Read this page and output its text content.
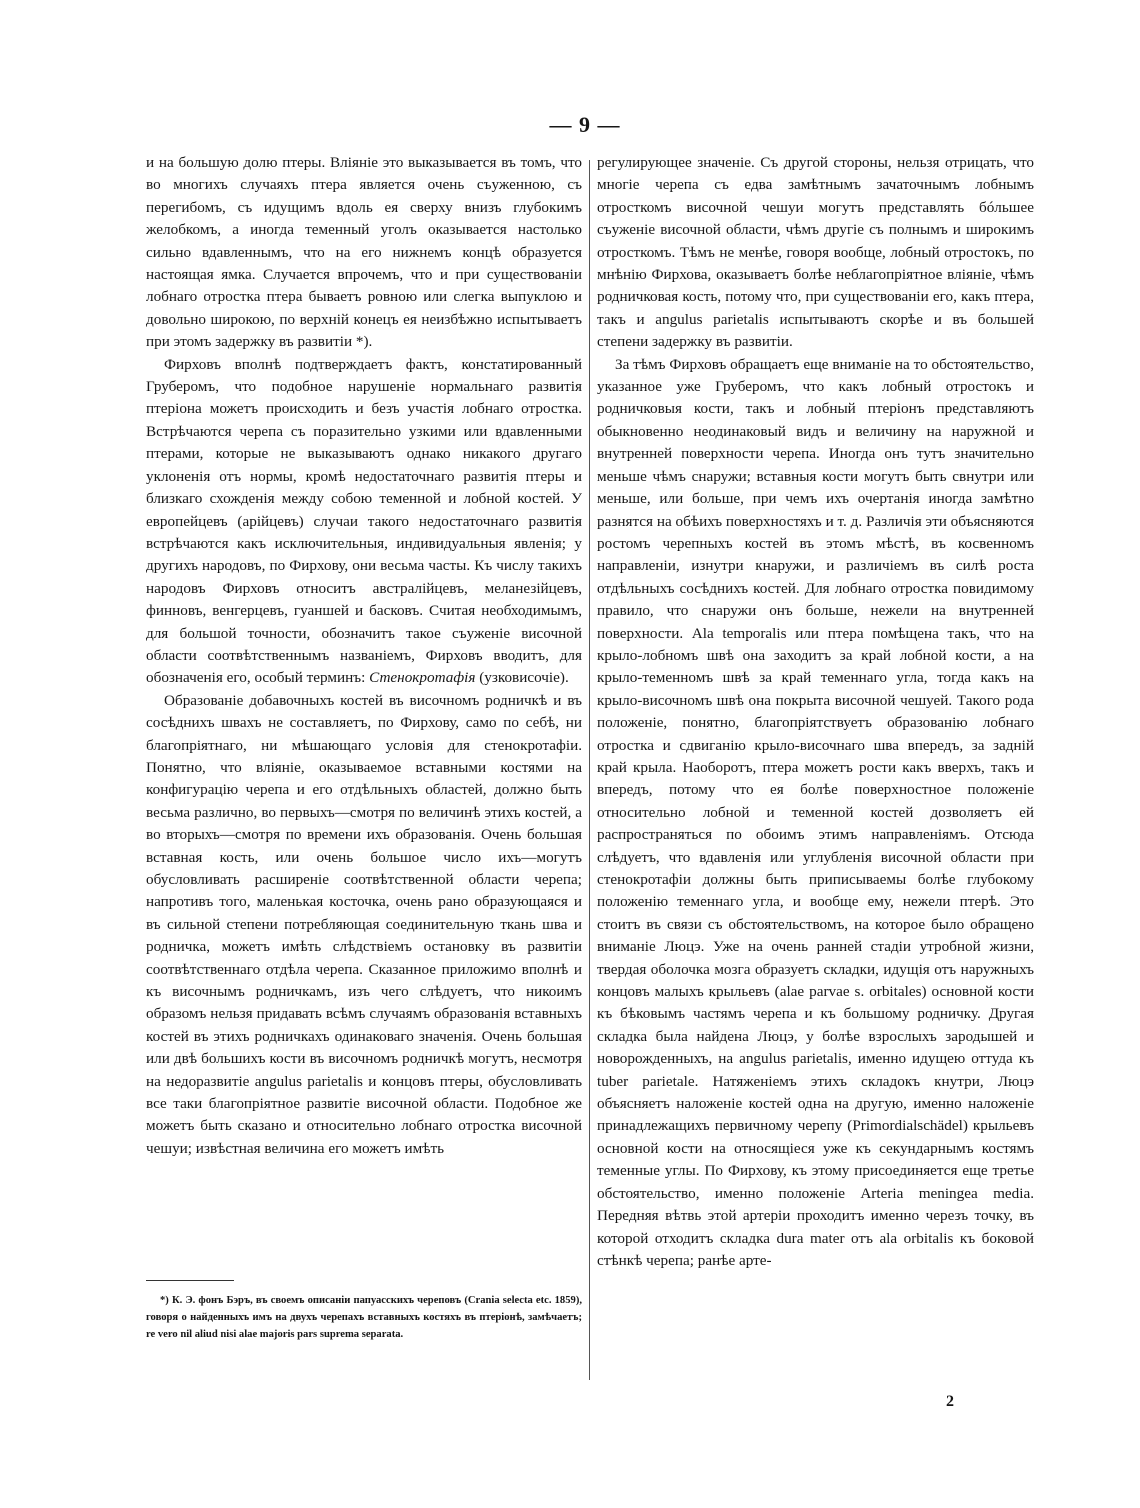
— 9 —

и на большую долю птеры. Влiянiе это выказывается въ томъ, что во многихъ случаяхъ птера является очень съуженною, съ перегибомъ, съ идущимъ вдоль ея сверху внизъ глубокимъ желобкомъ, а иногда теменный уголъ оказывается настолько сильно вдавленнымъ, что на его нижнемъ концѣ образуется настоящая ямка. Случается впрочемъ, что и при существованiи лобнаго отростка птера бываетъ ровною или слегка выпуклою и довольно широкою, по верхнiй конецъ ея неизбѣжно испытываетъ при этомъ задержку въ развитiи *).

Фирховъ вполнѣ подтверждаетъ фактъ, констатированный Груберомъ, что подобное нарушенiе нормальнаго развитiя птерiона можетъ происходить и безъ участiя лобнаго отростка. Встрѣчаются черепа съ поразительно узкими или вдавленными птерами, которые не выказываютъ однако никакого другаго уклоненiя отъ нормы, кромѣ недостаточнаго развитiя птеры и близкаго схожденiя между собою теменной и лобной костей. У европейцевъ (арiйцевъ) случаи такого недостаточнаго развитiя встрѣчаются какъ исключительныя, индивидуальныя явленiя; у другихъ народовъ, по Фирхову, они весьма часты. Къ числу такихъ народовъ Фирховъ относитъ австралiйцевъ, меланезiйцевъ, финновъ, венгерцевъ, гуаншей и басковъ. Считая необходимымъ, для большой точности, обозначитъ такое съуженiе височной области соотвѣтственнымъ названiемъ, Фирховъ вводитъ, для обозначенiя его, особый терминъ: Стенокротафiя (узковисочiе).

Образованiе добавочныхъ костей въ височномъ родничкѣ и въ сосѣднихъ швахъ не составляетъ, по Фирхову, само по себѣ, ни благопрiятнаго, ни мѣшающаго условiя для стенокротафiи. Понятно, что влiянiе, оказываемое вставными костями на конфигурацiю черепа и его отдѣльныхъ областей, должно быть весьма различно, во первыхъ—смотря по величинѣ этихъ костей, а во вторыхъ—смотря по времени ихъ образованiя. Очень большая вставная кость, или очень большое число ихъ—могутъ обусловливать расширенiе соотвѣтственной области черепа; напротивъ того, маленькая косточка, очень рано образующаяся и въ сильной степени потребляющая соединительную ткань шва и родничка, можетъ имѣть слѣдствiемъ остановку въ развитiи соотвѣтственнаго отдѣла черепа. Сказанное приложимо вполнѣ и къ височнымъ родничкамъ, изъ чего слѣдуетъ, что никоимъ образомъ нельзя придавать всѣмъ случаямъ образованiя вставныхъ костей въ этихъ родничкахъ одинаковаго значенiя. Очень большая или двѣ большихъ кости въ височномъ родничкѣ могутъ, несмотря на недоразвитiе angulus parietalis и концовъ птеры, обусловливать все таки благопрiятное развитiе височной области. Подобное же можетъ быть сказано и относительно лобнаго отростка височной чешуи; извѣстная величина его можетъ имѣть

регулирующее значенiе. Съ другой стороны, нельзя отрицать, что многiе черепа съ едва замѣтнымъ зачаточнымъ лобнымъ отросткомъ височной чешуи могутъ представлять бóльшее съуженiе височной области, чѣмъ другiе съ полнымъ и широкимъ отросткомъ. Тѣмъ не менѣе, говоря вообще, лобный отростокъ, по мнѣнiю Фирхова, оказываетъ болѣе неблагопрiятное влiянiе, чѣмъ родничковая кость, потому что, при существованiи его, какъ птера, такъ и angulus parietalis испытываютъ скорѣе и въ большей степени задержку въ развитiи.

За тѣмъ Фирховъ обращаетъ еще вниманiе на то обстоятельство, указанное уже Груберомъ, что какъ лобный отростокъ и родничковыя кости, такъ и лобный птерiонъ представляютъ обыкновенно неодинаковый видъ и величину на наружной и внутренней поверхности черепа. Иногда онъ тутъ значительно меньше чѣмъ снаружи; вставныя кости могутъ быть свнутри или меньше, или больше, при чемъ ихъ очертанiя иногда замѣтно разнятся на обѣихъ поверхностяхъ и т. д. Различiя эти объясняются ростомъ черепныхъ костей въ этомъ мѣстѣ, въ косвенномъ направленiи, изнутри кнаружи, и различiемъ въ силѣ роста отдѣльныхъ сосѣднихъ костей. Для лобнаго отростка повидимому правило, что снаружи онъ больше, нежели на внутренней поверхности. Ala temporalis или птера помѣщена такъ, что на крыло-лобномъ швѣ она заходитъ за край лобной кости, а на крыло-теменномъ швѣ за край теменнаго угла, тогда какъ на крыло-височномъ швѣ она покрыта височной чешуей. Такого рода положенiе, понятно, благопрiятствуетъ образованiю лобнаго отростка и сдвиганiю крыло-височнаго шва впередъ, за заднiй край крыла. Наоборотъ, птера можетъ рости какъ вверхъ, такъ и впередъ, потому что ея болѣе поверхностное положенiе относительно лобной и теменной костей дозволяетъ ей распространяться по обоимъ этимъ направленiямъ. Отсюда слѣдуетъ, что вдавленiя или углубленiя височной области при стенокротафiи должны быть приписываемы болѣе глубокому положенiю теменнаго угла, и вообще ему, нежели птерѣ. Это стоитъ въ связи съ обстоятельствомъ, на которое было обращено вниманiе Люцэ. Уже на очень ранней стадiи утробной жизни, твердая оболочка мозга образуетъ складки, идущiя отъ наружныхъ концовъ малыхъ крыльевъ (alae parvae s. orbitales) основной кости къ бѣковымъ частямъ черепа и къ большому родничку. Другая складка была найдена Люцэ, у болѣе взрослыхъ зародышей и новорожденныхъ, на angulus parietalis, именно идущею оттуда къ tuber parietale. Натяженiемъ этихъ складокъ кнутри, Люцэ объясняетъ наложенiе костей одна на другую, именно наложенiе принадлежащихъ первичному черепу (Primordialschädel) крыльевъ основной кости на относящiеся уже къ секундарнымъ костямъ теменные углы. По Фирхову, къ этому присоединяется еще третье обстоятельство, именно положенiе Arteria meningea media. Передняя вѣтвь этой артерiи проходитъ именно черезъ точку, въ которой отходитъ складка dura mater отъ ala orbitalis къ боковой стѣнкѣ черепа; ранѣе арте-

*) К. Э. фонъ Бэръ, въ своемъ описанiи папуасскихъ череповъ (Crania selecta etc. 1859), говоря о найденныхъ имъ на двухъ черепахъ вставныхъ костяхъ въ птерiонѣ, замѣчаетъ; re vero nil aliud nisi alae majoris pars suprema separata.

2
